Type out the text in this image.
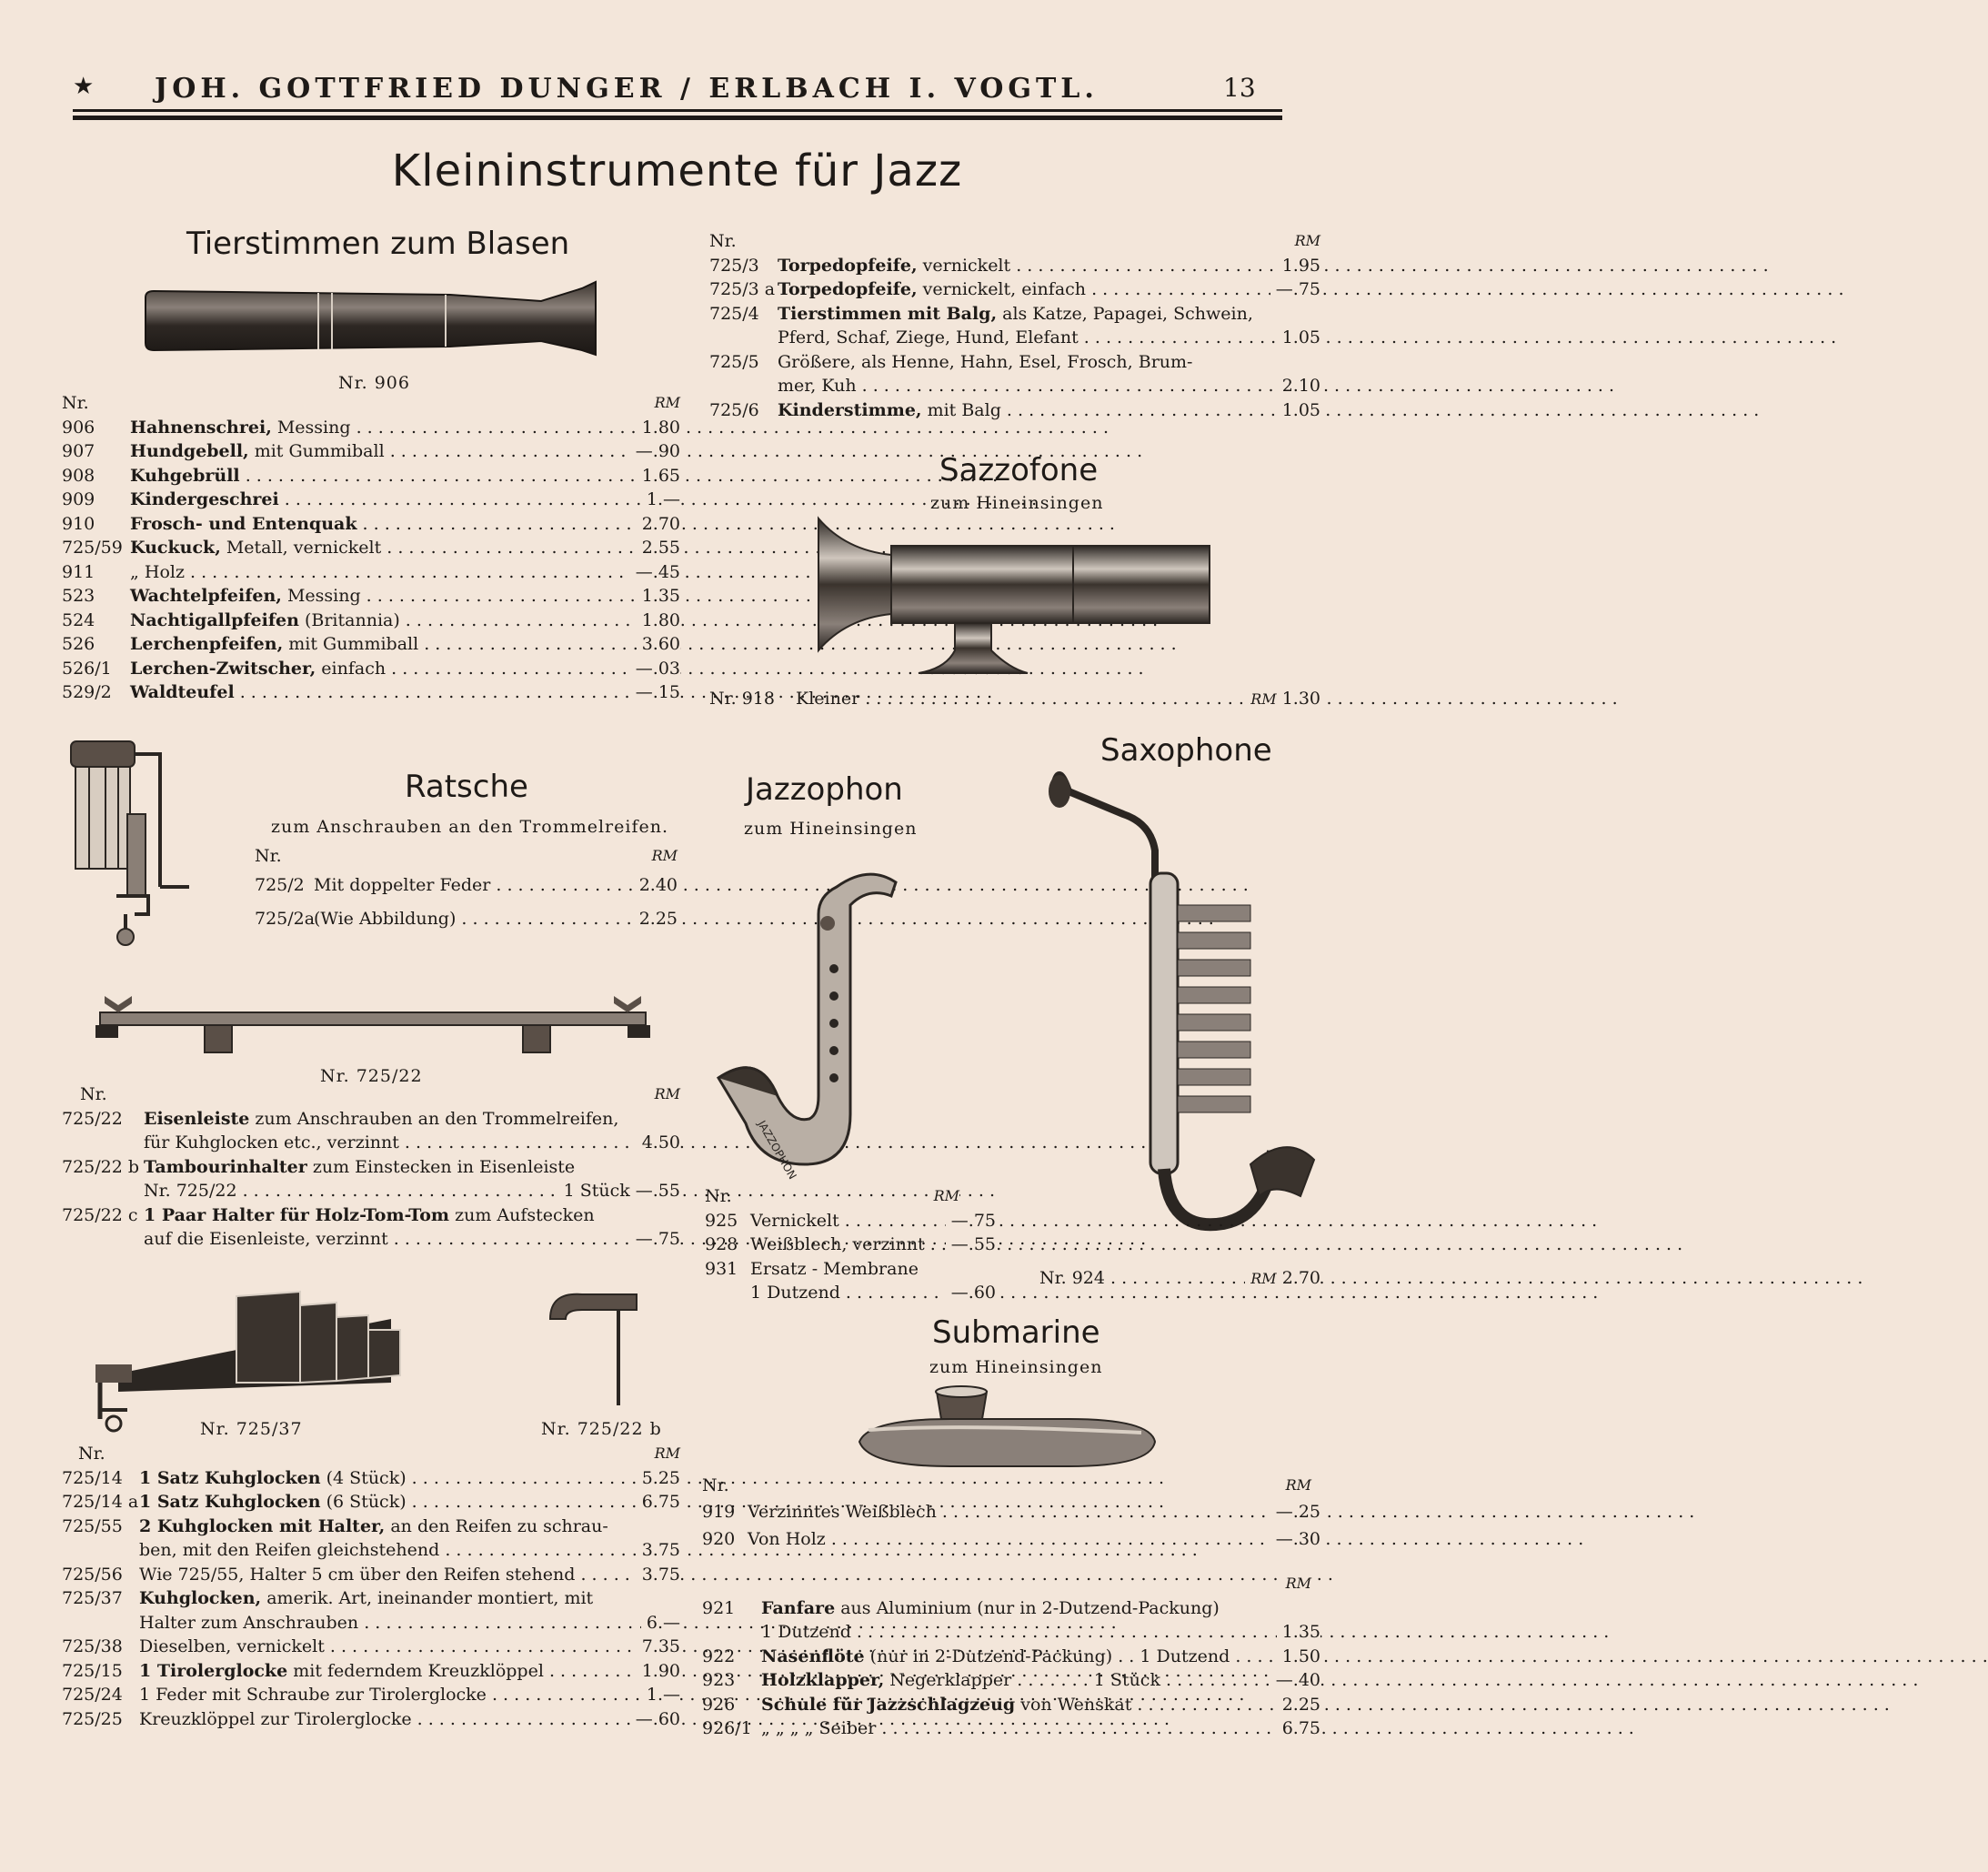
★ JOH. GOTTFRIED DUNGER / ERLBACH I. VOGTL.	13
Kleininstrumente für Jazz
Tierstimmen zum Blasen
Nr. 906
Nr.	RM
906 Hahnenschrei, Messing . . .	1.80
907 Hundgebell, mit Gummiball . . .	—.90
908 Kuhgebrüll . . .	1.65
909 Kindergeschrei . . .	1.—
910 Frosch- und Entenquak . . .	2.70
725/59 Kuckuck, Metall, vernickelt . . .	2.55
911 „ Holz . . .	—.45
523 Wachtelpfeifen, Messing . . .	1.35
524 Nachtigallpfeifen (Britannia) . . .	1.80
526 Lerchenpfeifen, mit Gummiball . . .	3.60
526/1 Lerchen-Zwitscher, einfach . . .	—.03
529/2 Waldteufel . . .	—.15
Ratsche
zum Anschrauben an den Trommelreifen.
Nr.	RM
725/2 Mit doppelter Feder . . .	2.40
725/2a
(Wie Abbildung) . . .	2.25
Nr. 725/22
Nr.	RM
725/22 Eisenleiste zum Anschrauben an den Trommelreifen,
für Kuhglocken etc., verzinnt . . .	4.50
725/22 b Tambourinhalter zum Einstecken in Eisenleiste
Nr. 725/22 . . .	1 Stück —.55
725/22 c 1 Paar Halter für Holz-Tom-Tom zum Aufstecken
auf die Eisenleiste, verzinnt . . .	—.75
Nr. 725/37	Nr. 725/22 b
Nr.	RM
725/14 1 Satz Kuhglocken (4 Stück) . . .	5.25
725/14 a 1 Satz Kuhglocken (6 Stück) . . .	6.75
725/55 2 Kuhglocken mit Halter, an den Reifen zu schrau-
ben, mit den Reifen gleichstehend . . .	3.75
725/56 Wie 725/55, Halter 5 cm über den Reifen stehend . . .	3.75
725/37 Kuhglocken, amerik. Art, ineinander montiert, mit
Halter zum Anschrauben . . .	6.—
725/38 Dieselben, vernickelt . . .	7.35
725/15 1 Tirolerglocke mit federndem Kreuzklöppel . . .	1.90
725/24 1 Feder mit Schraube zur Tirolerglocke . . .	1.—
725/25 Kreuzklöppel zur Tirolerglocke . . .	—.60
Nr.	RM
725/3 Torpedopfeife, vernickelt . . .	1.95
725/3 a Torpedopfeife, vernickelt, einfach . . .	—.75
725/4 Tierstimmen mit Balg, als Katze, Papagei, Schwein,
Pferd, Schaf, Ziege, Hund, Elefant . . .	1.05
725/5 Größere, als Henne, Hahn, Esel, Frosch, Brum-
mer, Kuh . . .	2.10
725/6 Kinderstimme, mit Balg . . .	1.05
Sazzofone
zum Hineinsingen
Nr. 918 Kleiner . . .	RM 1.30
Jazzophon
zum Hineinsingen
Saxophone
JAZZOPHON
Nr.	RM
925 Vernickelt . . .	—.75
928 Weißblech, verzinnt . . .	—.55
931 Ersatz - Membrane
1 Dutzend . . .	—.60
Nr. 924
. . .	RM 2.70
Submarine
zum Hineinsingen
Nr.	RM
919 Verzinntes Weißblech . . .	—.25
920 Von Holz . . .	—.30
RM
921 Fanfare aus Aluminium (nur in 2-Dutzend-Packung)
1 Dutzend . . .	1.35
922 Nasenflöte (nur in 2-Dutzend-Packung) . . 1 Dutzend . . .	1.50
923 Holzklapper, Negerklapper . . . . . . . 1 Stück . . .	—.40
926 Schule für Jazzschlagzeug von Wenskat . . .	2.25
926/1 „ „ „ „ Seiber . . .	6.75
